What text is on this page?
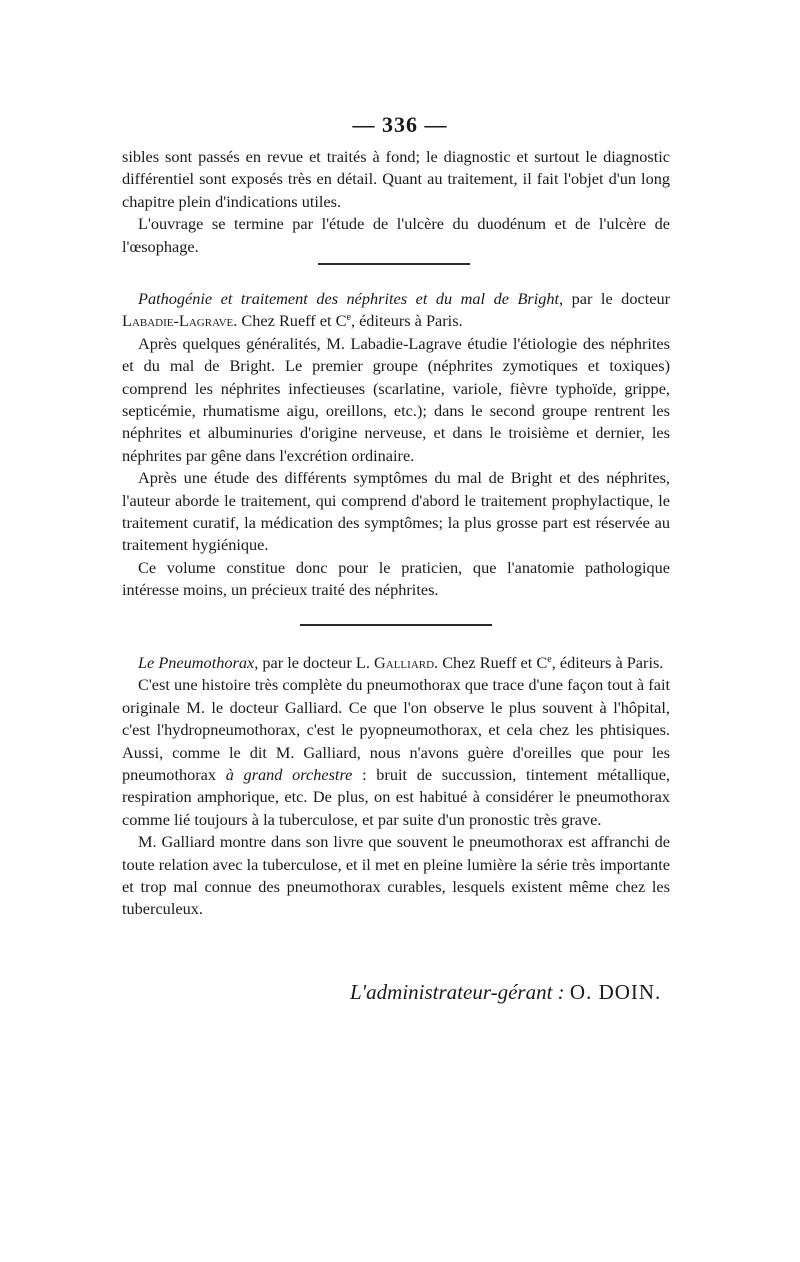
— 336 —

sibles sont passés en revue et traités à fond; le diagnostic et surtout le diagnostic différentiel sont exposés très en détail. Quant au traitement, il fait l'objet d'un long chapitre plein d'indications utiles.

L'ouvrage se termine par l'étude de l'ulcère du duodénum et de l'ulcère de l'œsophage.

Pathogénie et traitement des néphrites et du mal de Bright, par le docteur Labadie-Lagrave. Chez Rueff et Ce, éditeurs à Paris.

Après quelques généralités, M. Labadie-Lagrave étudie l'étiologie des néphrites et du mal de Bright. Le premier groupe (néphrites zymotiques et toxiques) comprend les néphrites infectieuses (scarlatine, variole, fièvre typhoïde, grippe, septicémie, rhumatisme aigu, oreillons, etc.); dans le second groupe rentrent les néphrites et albuminuries d'origine nerveuse, et dans le troisième et dernier, les néphrites par gêne dans l'excrétion ordinaire.

Après une étude des différents symptômes du mal de Bright et des néphrites, l'auteur aborde le traitement, qui comprend d'abord le traitement prophylactique, le traitement curatif, la médication des symptômes; la plus grosse part est réservée au traitement hygiénique.

Ce volume constitue donc pour le praticien, que l'anatomie pathologique intéresse moins, un précieux traité des néphrites.

Le Pneumothorax, par le docteur L. Galliard. Chez Rueff et Ce, éditeurs à Paris.

C'est une histoire très complète du pneumothorax que trace d'une façon tout à fait originale M. le docteur Galliard. Ce que l'on observe le plus souvent à l'hôpital, c'est l'hydropneumothorax, c'est le pyopneumothorax, et cela chez les phtisiques. Aussi, comme le dit M. Galliard, nous n'avons guère d'oreilles que pour les pneumothorax à grand orchestre : bruit de succussion, tintement métallique, respiration amphorique, etc. De plus, on est habitué à considérer le pneumothorax comme lié toujours à la tuberculose, et par suite d'un pronostic très grave.

M. Galliard montre dans son livre que souvent le pneumothorax est affranchi de toute relation avec la tuberculose, et il met en pleine lumière la série très importante et trop mal connue des pneumothorax curables, lesquels existent même chez les tuberculeux.

L'administrateur-gérant : O. DOIN.
